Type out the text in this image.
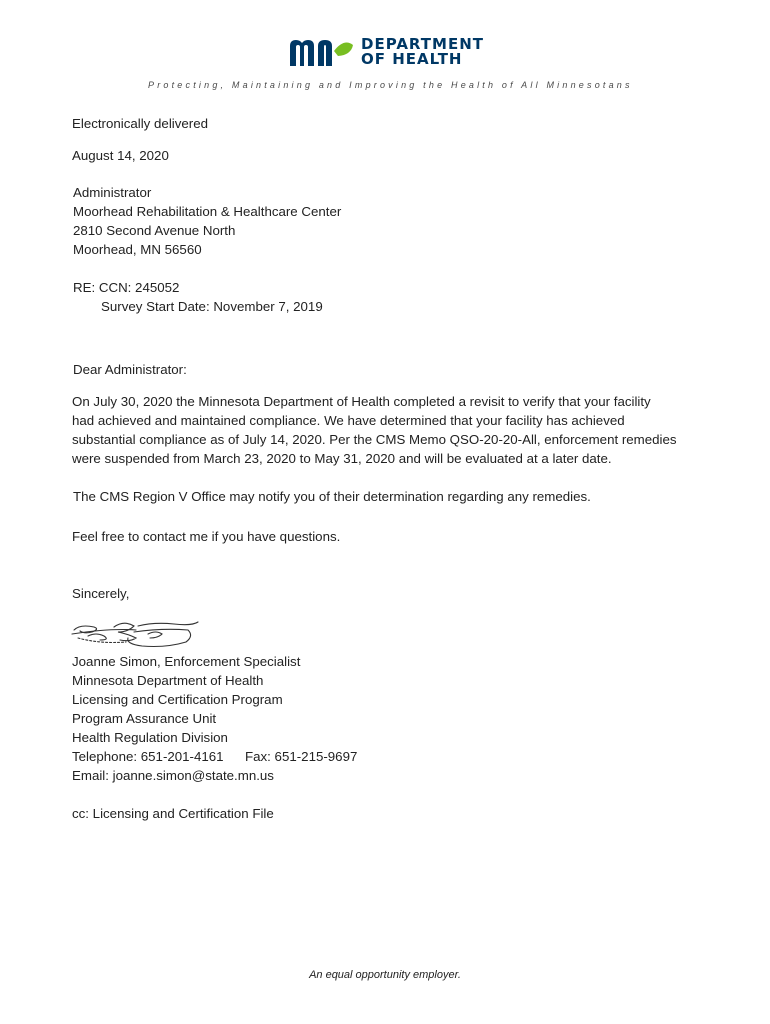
DEPARTMENT
OF HEALTH
Protecting, Maintaining and Improving the Health of All Minnesotans
Electronically delivered
August 14, 2020
Administrator
Moorhead Rehabilitation & Healthcare Center
2810 Second Avenue North
Moorhead, MN 56560
RE: CCN: 245052
Survey Start Date: November 7, 2019
Dear Administrator:
On July 30, 2020 the Minnesota Department of Health completed a revisit to verify that your facility
had achieved and maintained compliance. We have determined that your facility has achieved
substantial compliance as of July 14, 2020. Per the CMS Memo QSO-20-20-All, enforcement remedies
were suspended from March 23, 2020 to May 31, 2020 and will be evaluated at a later date.
The CMS Region V Office may notify you of their determination regarding any remedies.
Feel free to contact me if you have questions.
Sincerely,
Joanne Simon, Enforcement Specialist
Minnesota Department of Health
Licensing and Certification Program
Program Assurance Unit
Health Regulation Division
Telephone: 651-201-4161 Fax: 651-215-9697
Email: joanne.simon@state.mn.us
cc: Licensing and Certification File
An equal opportunity employer.
